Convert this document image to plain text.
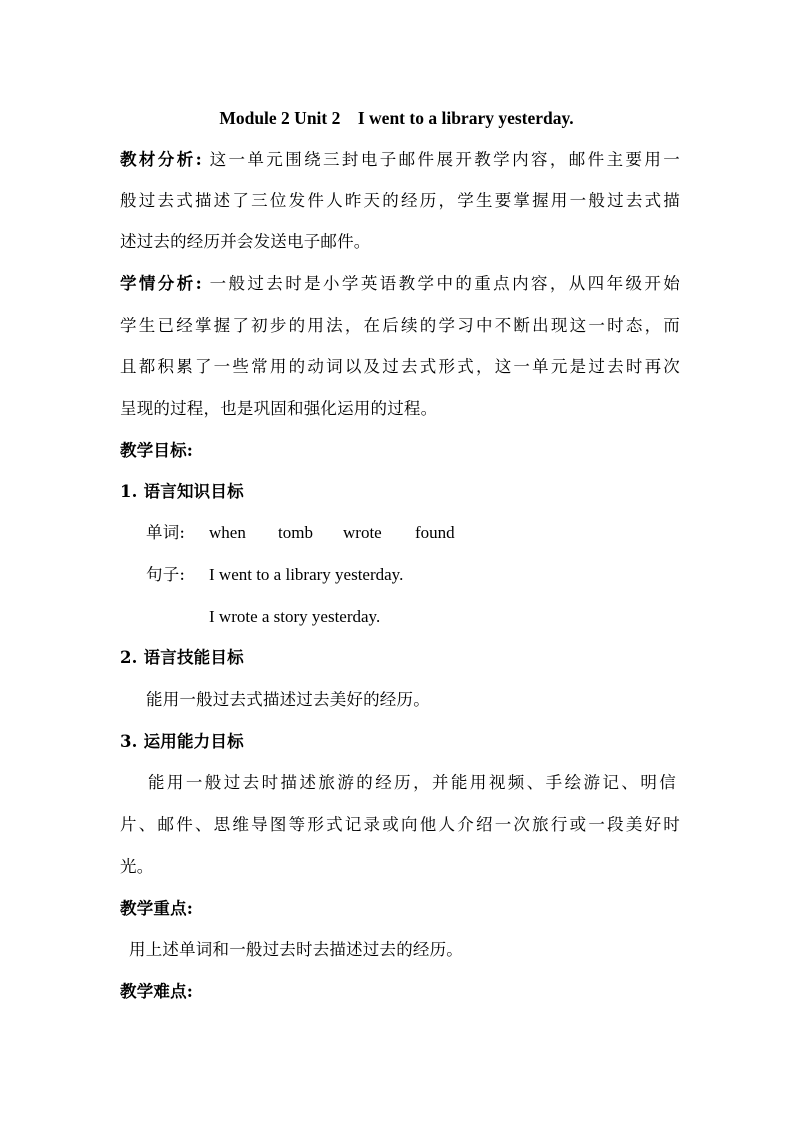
Module 2 Unit 2    I went to a library yesterday.
教材分析: 这一单元围绕三封电子邮件展开教学内容，邮件主要用一
般过去式描述了三位发件人昨天的经历，学生要掌握用一般过去式描
述过去的经历并会发送电子邮件。
学情分析: 一般过去时是小学英语教学中的重点内容，从四年级开始
学生已经掌握了初步的用法，在后续的学习中不断出现这一时态，而
且都积累了一些常用的动词以及过去式形式，这一单元是过去时再次
呈现的过程，也是巩固和强化运用的过程。
教学目标:
1. 语言知识目标
单词:	when tomb wrote found
句子:	I went to a library yesterday.
I wrote a story yesterday.
2. 语言技能目标
能用一般过去式描述过去美好的经历。
3. 运用能力目标
能用一般过去时描述旅游的经历，并能用视频、手绘游记、明信
片、邮件、思维导图等形式记录或向他人介绍一次旅行或一段美好时
光。
教学重点:
用上述单词和一般过去时去描述过去的经历。
教学难点:
